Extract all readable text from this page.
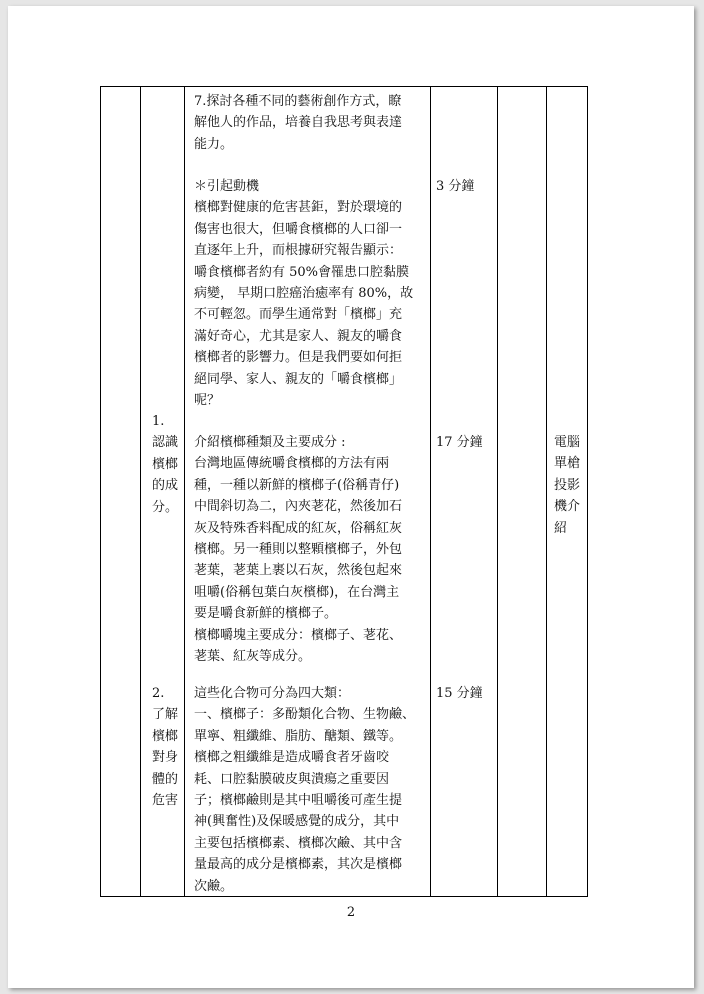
7.探討各種不同的藝術創作方式，瞭
解他人的作品，培養自我思考與表達
能力。
＊引起動機
檳榔對健康的危害甚鉅，對於環境的
傷害也很大，但嚼食檳榔的人口卻一
直逐年上升，而根據研究報告顯示：
嚼食檳榔者約有 50%會罹患口腔黏膜
病變， 早期口腔癌治癒率有 80%，故
不可輕忽。而學生通常對「檳榔」充
滿好奇心，尤其是家人、親友的嚼食
檳榔者的影響力。但是我們要如何拒
絕同學、家人、親友的「嚼食檳榔」
呢？
3 分鐘
1.
認識
檳榔
的成
分。
介紹檳榔種類及主要成分 :
台灣地區傳統嚼食檳榔的方法有兩
種，一種以新鮮的檳榔子(俗稱青仔)
中間斜切為二，內夾荖花，然後加石
灰及特殊香料配成的紅灰，俗稱紅灰
檳榔。另一種則以整顆檳榔子，外包
荖葉，荖葉上裹以石灰，然後包起來
咀嚼(俗稱包葉白灰檳榔)，在台灣主
要是嚼食新鮮的檳榔子。
檳榔嚼塊主要成分：檳榔子、荖花、
荖葉、紅灰等成分。
17 分鐘	電腦
單槍
投影
機介
紹
2.
了解
檳榔
對身
體的
危害
這些化合物可分為四大類：
一、檳榔子：多酚類化合物、生物鹼、
單寧、粗纖維、脂肪、醣類、鐵等。
檳榔之粗纖維是造成嚼食者牙齒咬
耗、口腔黏膜破皮與潰瘍之重要因
子；檳榔鹼則是其中咀嚼後可產生提
神(興奮性)及保暖感覺的成分，其中
主要包括檳榔素、檳榔次鹼、其中含
量最高的成分是檳榔素，其次是檳榔
次鹼。
15 分鐘
2
